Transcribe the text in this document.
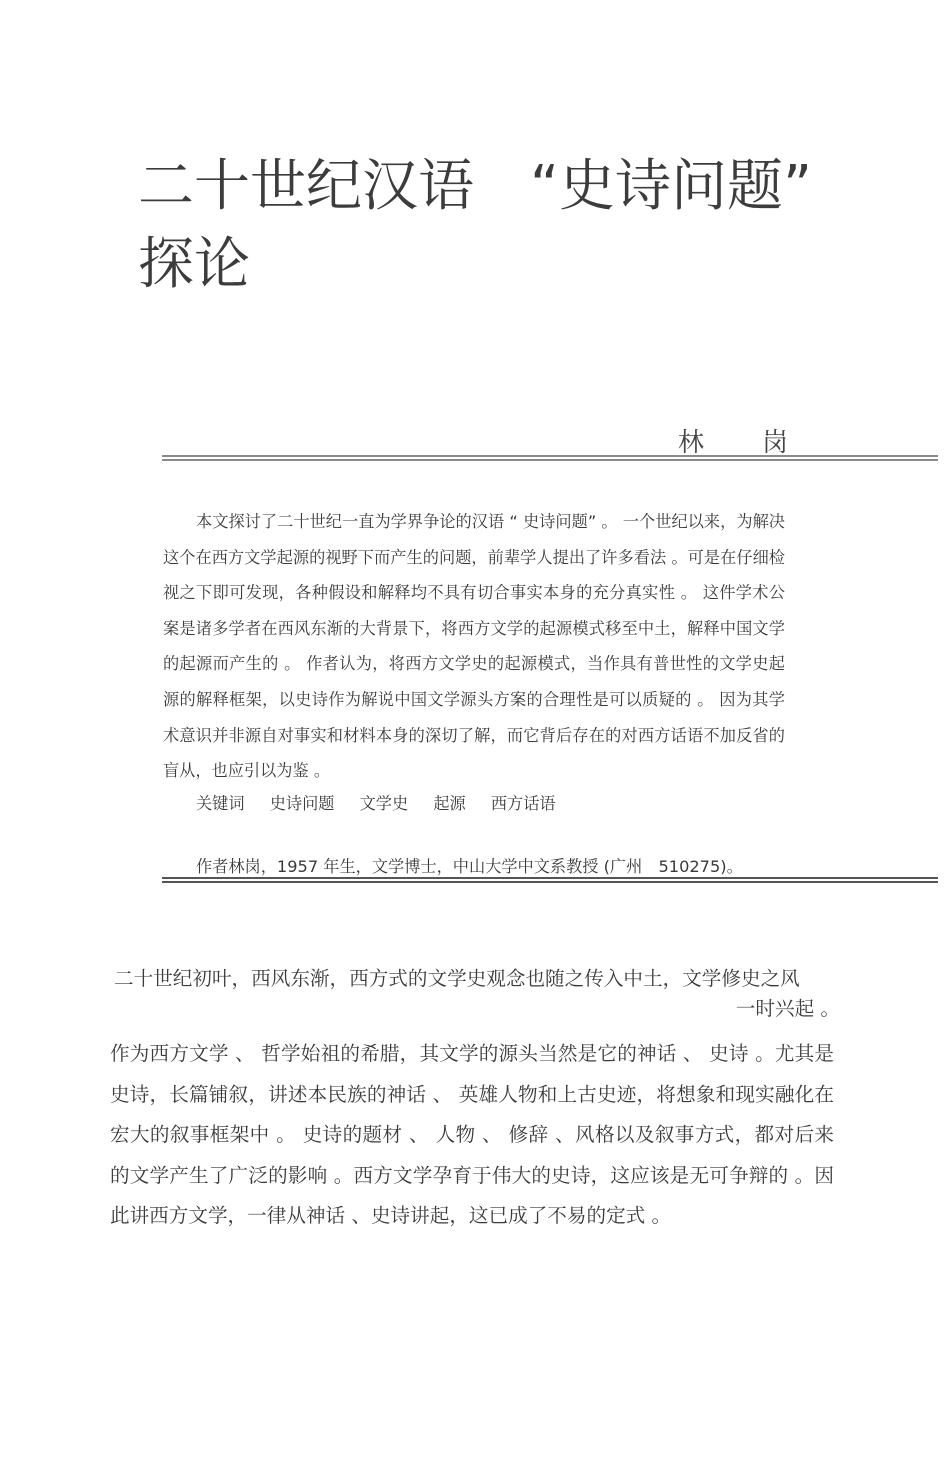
二十世纪汉语　“史诗问题”
探论
林 岗

本文探讨了二十世纪一直为学界争论的汉语 “ 史诗问题” 。 一个世纪以来，为解决这个在西方文学起源的视野下而产生的问题，前辈学人提出了许多看法 。可是在仔细检视之下即可发现，各种假设和解释均不具有切合事实本身的充分真实性 。 这件学术公案是诸多学者在西风东渐的大背景下，将西方文学的起源模式移至中土，解释中国文学的起源而产生的 。 作者认为，将西方文学史的起源模式，当作具有普世性的文学史起源的解释框架，以史诗作为解说中国文学源头方案的合理性是可以质疑的 。 因为其学术意识并非源自对事实和材料本身的深切了解，而它背后存在的对西方话语不加反省的盲从，也应引以为鉴 。

关键词 史诗问题 文学史 起源 西方话语
作者林岗，1957 年生，文学博士，中山大学中文系教授 (广州　510275)。
二十世纪初叶，西风东渐，西方式的文学史观念也随之传入中土，文学修史之风
一时兴起 。

作为西方文学 、 哲学始祖的希腊，其文学的源头当然是它的神话 、 史诗 。尤其是史诗，长篇铺叙，讲述本民族的神话 、 英雄人物和上古史迹，将想象和现实融化在宏大的叙事框架中 。 史诗的题材 、 人物 、 修辞 、风格以及叙事方式，都对后来的文学产生了广泛的影响 。西方文学孕育于伟大的史诗，这应该是无可争辩的 。因此讲西方文学，一律从神话 、史诗讲起，这已成了不易的定式 。
